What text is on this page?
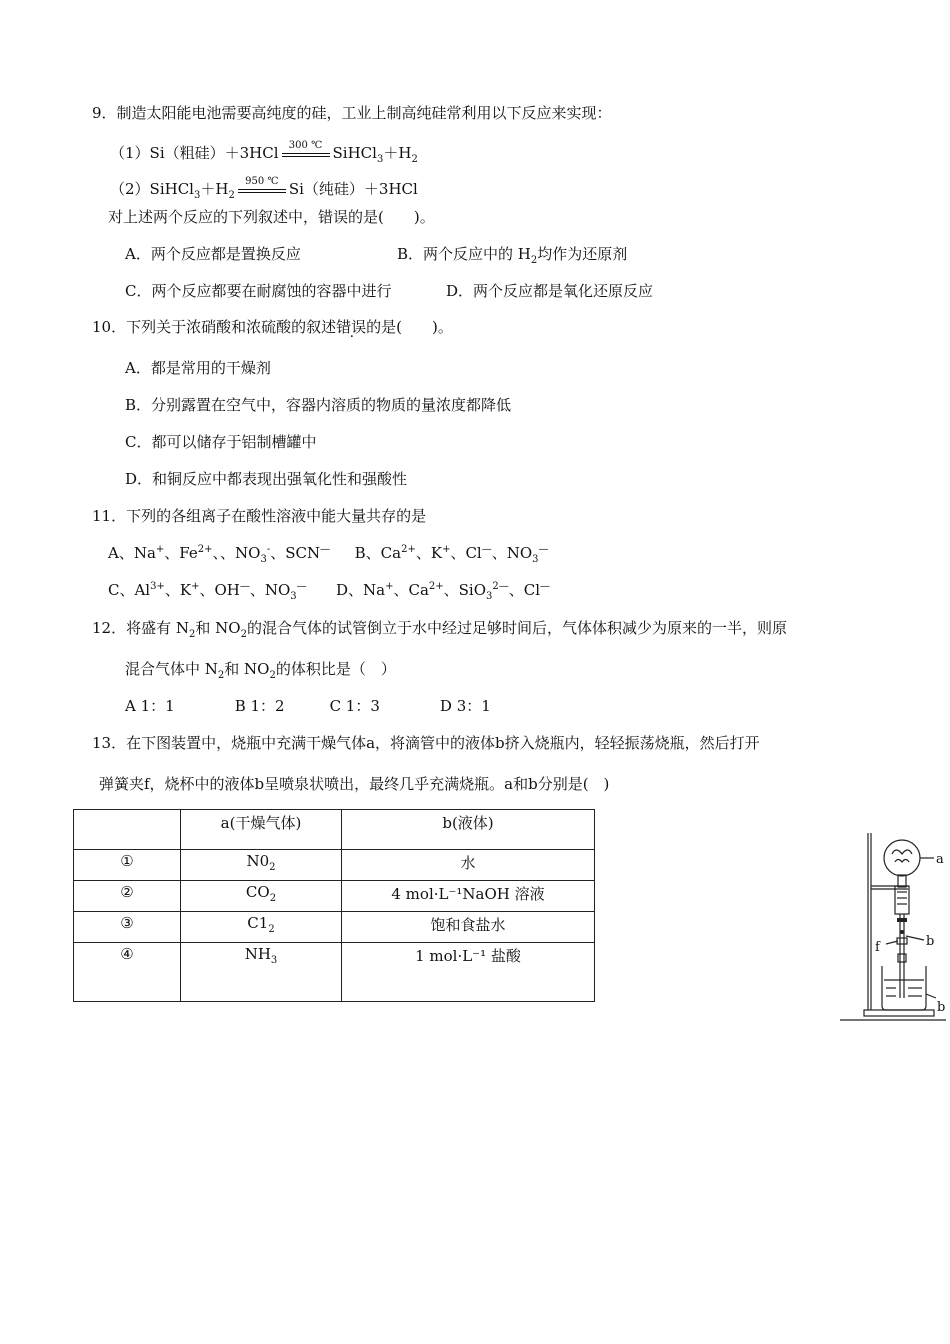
9．制造太阳能电池需要高纯度的硅，工业上制高纯硅常利用以下反应来实现：
（1）Si（粗硅）＋3HCl	300 ℃ $SiHCl_3+H_2$
$(2)SiHCl_3+H_2$
950 ℃ Si（纯硅）＋3HCl
对上述两个反应的下列叙述中，错误的是(　　)。
A．两个反应都是置换反应	B．两个反应中的 $H_2$均作为还原剂
C．两个反应都要在耐腐蚀的容器中进行	D．两个反应都是氧化还原反应
10．下列关于浓硝酸和浓硫酸的叙述错误的是(　　)。
A．都是常用的干燥剂
B．分别露置在空气中，容器内溶质的物质的量浓度都降低
C．都可以储存于铝制槽罐中
D．和铜反应中都表现出强氧化性和强酸性
11．下列的各组离子在酸性溶液中能大量共存的是
A、Na+、$Fe^{2+}$、、$NO_3^-$、SCN—　  B、$Ca^{2+}$、K+、Cl—、$NO_3^—$
C、$Al^{3+}$、K+、OH—、$NO_3^—$　   D、Na+、$Ca^{2+}$、SiO$_3^{2—}$、Cl—
12．将盛有 $N_2$和 $NO_2$的混合气体的试管倒立于水中经过足够时间后，气体体积减少为原来的一半，则原
混合气体中 $N_2$和 $NO_2$的体积比是（　）
A 1：1　　　　B 1：2　　　C 1：3　　　　D 3：1
13．在下图装置中，烧瓶中充满干燥气体a，将滴管中的液体b挤入烧瓶内，轻轻振荡烧瓶，然后打开
弹簧夹f，烧杯中的液体b呈喷泉状喷出，最终几乎充满烧瓶。a和b分别是(　)
	a(干燥气体)	b(液体)
①	$N0_2$	水
②	$CO_2$	4 mol·L⁻¹NaOH 溶液
③	$C1_2$	饱和食盐水
④	$NH_3$	1 mol·L⁻¹ 盐酸
a
b
f
b
